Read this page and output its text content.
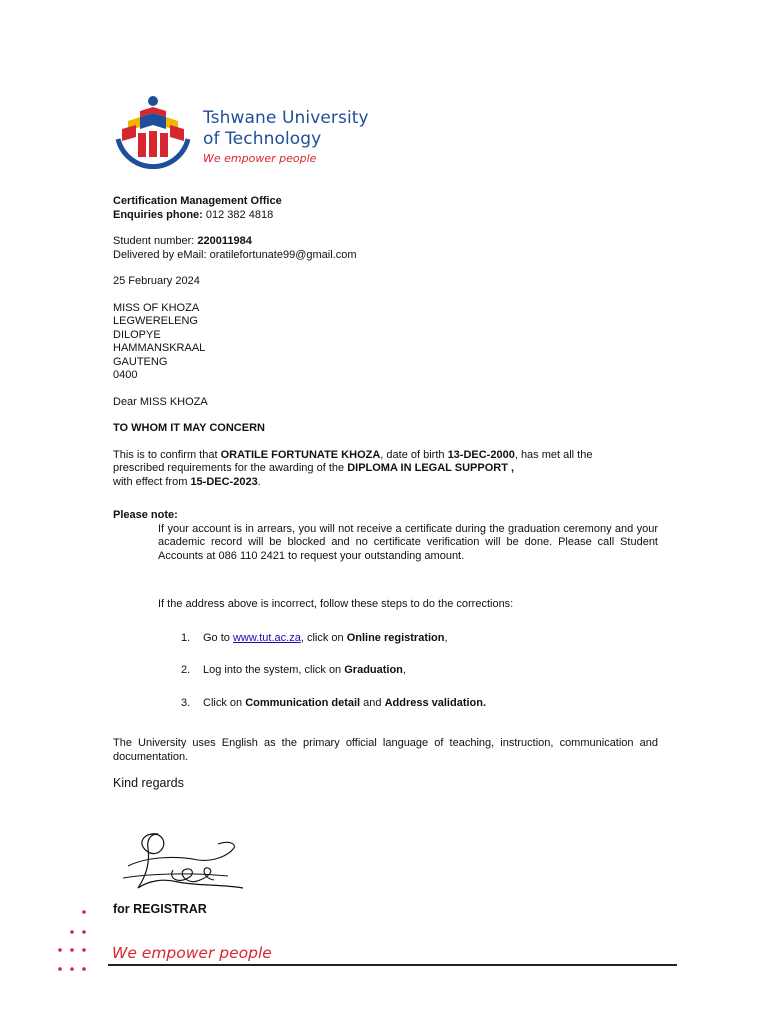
Tshwane University
of Technology
We empower people

Certification Management Office

Enquiries phone: 012 382 4818

Student number: 220011984

Delivered by eMail: oratilefortunate99@gmail.com

25 February 2024

MISS OF KHOZA

LEGWERELENG

DILOPYE

HAMMANSKRAAL

GAUTENG

0400

Dear MISS KHOZA

TO WHOM IT MAY CONCERN

This is to confirm that ORATILE FORTUNATE KHOZA, date of birth 13-DEC-2000, has met all the

prescribed requirements for the awarding of the DIPLOMA IN LEGAL SUPPORT ,

with effect from 15-DEC-2023.

Please note:

If your account is in arrears, you will not receive a certificate during the graduation ceremony and your academic record will be blocked and no certificate verification will be done. Please call Student Accounts at 086 110 2421 to request your outstanding amount.

If the address above is incorrect, follow these steps to do the corrections:

1. Go to www.tut.ac.za, click on Online registration,
2. Log into the system, click on Graduation,
3. Click on Communication detail and Address validation.

The University uses English as the primary official language of teaching, instruction, communication and documentation.

Kind regards

for REGISTRAR
We empower people
